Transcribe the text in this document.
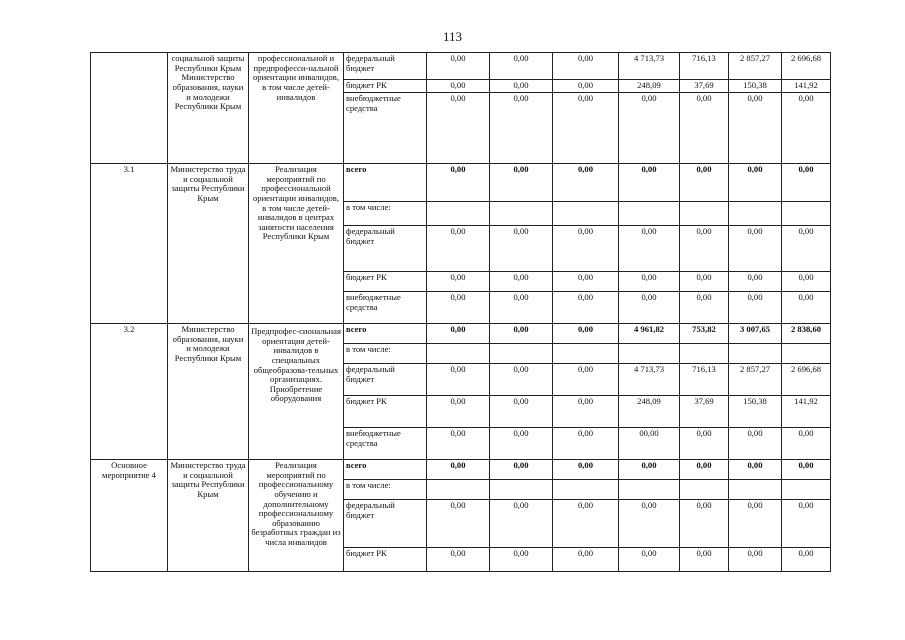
113
	социальной защиты Республики Крым Министерство образования, науки и молодежи Республики Крым	профессиональной и предпрофесси-нальной ориентации инвалидов, в том числе детей-инвалидов	федеральный бюджет	0,00	0,00	0,00	4 713,73	716,13	2 857,27	2 696,68
			бюджет РК	0,00	0,00	0,00	248,09	37,69	150,38	141,92
			внебюджетные средства	0,00	0,00	0,00	0,00	0,00	0,00	0,00
3.1	Министерство труда и социальной защиты Республики Крым	Реализация мероприятий по профессиональной ориентации инвалидов, в том числе детей-инвалидов в центрах занятости населения Республики Крым	всего	0,00	0,00	0,00	0,00	0,00	0,00	0,00
			в том числе:							
			федеральный бюджет	0,00	0,00	0,00	0,00	0,00	0,00	0,00
			бюджет РК	0,00	0,00	0,00	0,00	0,00	0,00	0,00
			внебюджетные средства	0,00	0,00	0,00	0,00	0,00	0,00	0,00
3.2	Министерство образования, науки и молодежи Республики Крым	Предпрофес-сиональная ориентация детей-инвалидов в специальных общеобразова-тельных организациях. Приобретение оборудования	всего	0,00	0,00	0,00	4 961,82	753,82	3 007,65	2 838,60
			в том числе:							
			федеральный бюджет	0,00	0,00	0,00	4 713,73	716,13	2 857,27	2 696,68
			бюджет РК	0,00	0,00	0,00	248,09	37,69	150,38	141,92
			внебюджетные средства	0,00	0,00	0,00	00,00	0,00	0,00	0,00
Основное мероприятие 4	Министерство труда и социальной защиты Республики Крым	Реализация мероприятий по профессиональному обучению и дополнительному профессиональному образованию безработных граждан из числа инвалидов	всего	0,00	0,00	0,00	0,00	0,00	0,00	0,00
			в том числе:							
			федеральный бюджет	0,00	0,00	0,00	0,00	0,00	0,00	0,00
			бюджет РК	0,00	0,00	0,00	0,00	0,00	0,00	0,00
